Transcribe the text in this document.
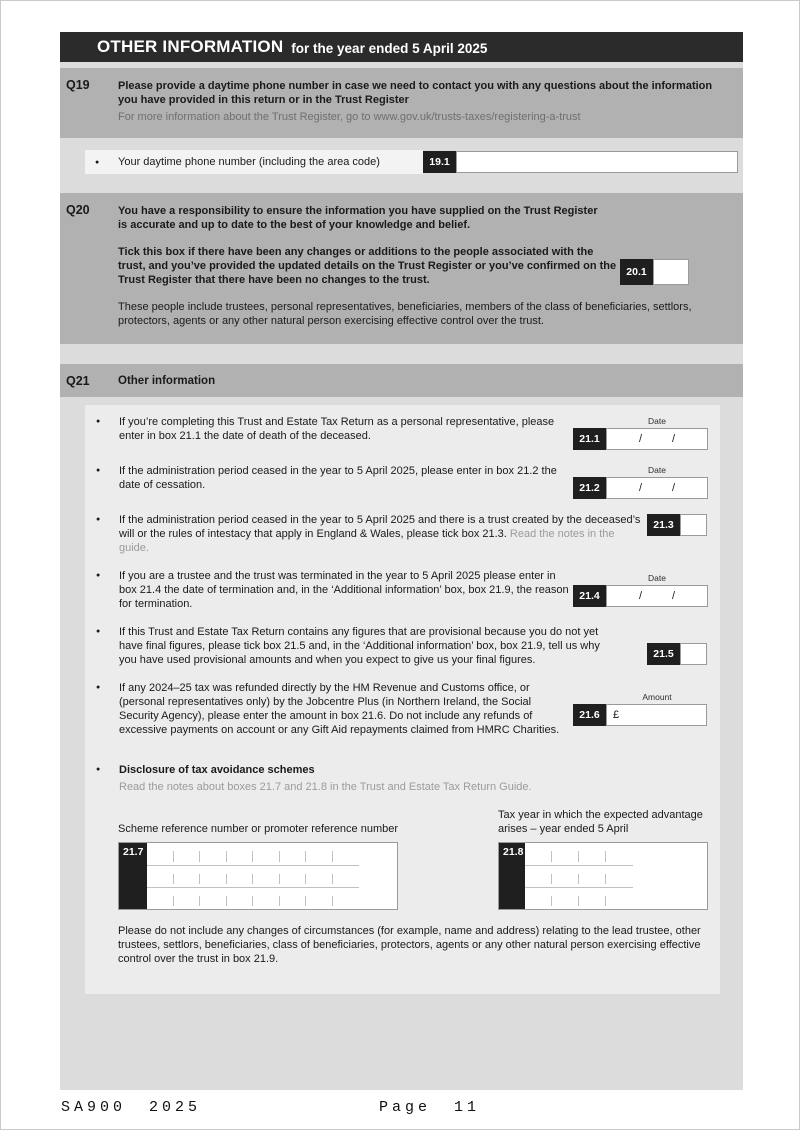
OTHER INFORMATION for the year ended 5 April 2025
Q19	Please provide a daytime phone number in case we need to contact you with any questions about the information you have provided in this return or in the Trust Register
For more information about the Trust Register, go to www.gov.uk/trusts-taxes/registering-a-trust
●	Your daytime phone number (including the area code)	19.1
Q20	You have a responsibility to ensure the information you have supplied on the Trust Register is accurate and up to date to the best of your knowledge and belief.
Tick this box if there have been any changes or additions to the people associated with the trust, and you’ve provided the updated details on the Trust Register or you’ve confirmed on the Trust Register that there have been no changes to the trust.
20.1
These people include trustees, personal representatives, beneficiaries, members of the class of beneficiaries, settlors, protectors, agents or any other natural person exercising effective control over the trust.
Q21	Other information
●	If you’re completing this Trust and Estate Tax Return as a personal representative, please enter in box 21.1 the date of death of the deceased.
Date
21.1	/	/
●	If the administration period ceased in the year to 5 April 2025, please enter in box 21.2 the date of cessation.
Date
21.2	/	/
●	If the administration period ceased in the year to 5 April 2025 and there is a trust created by the deceased’s will or the rules of intestacy that apply in England & Wales, please tick box 21.3. Read the notes in the guide.
21.3
●	If you are a trustee and the trust was terminated in the year to 5 April 2025 please enter in box 21.4 the date of termination and, in the ‘Additional information’ box, box 21.9, the reason for termination.
Date
21.4	/	/
●	If this Trust and Estate Tax Return contains any figures that are provisional because you do not yet have final figures, please tick box 21.5 and, in the ‘Additional information’ box, box 21.9, tell us why you have used provisional amounts and when you expect to give us your final figures.	21.5
●	If any 2024–25 tax was refunded directly by the HM Revenue and Customs office, or (personal representatives only) by the Jobcentre Plus (in Northern Ireland, the Social Security Agency), please enter the amount in box 21.6. Do not include any refunds of excessive payments on account or any Gift Aid repayments claimed from HMRC Charities.
Amount
21.6	£
●	Disclosure of tax avoidance schemes
Read the notes about boxes 21.7 and 21.8 in the Trust and Estate Tax Return Guide.
Scheme reference number or promoter reference number
21.7
Tax year in which the expected advantage arises – year ended 5 April
21.8
Please do not include any changes of circumstances (for example, name and address) relating to the lead trustee, other trustees, settlors, beneficiaries, class of beneficiaries, protectors, agents or any other natural person exercising effective control over the trust in box 21.9.
SA900 2025	Page 11
